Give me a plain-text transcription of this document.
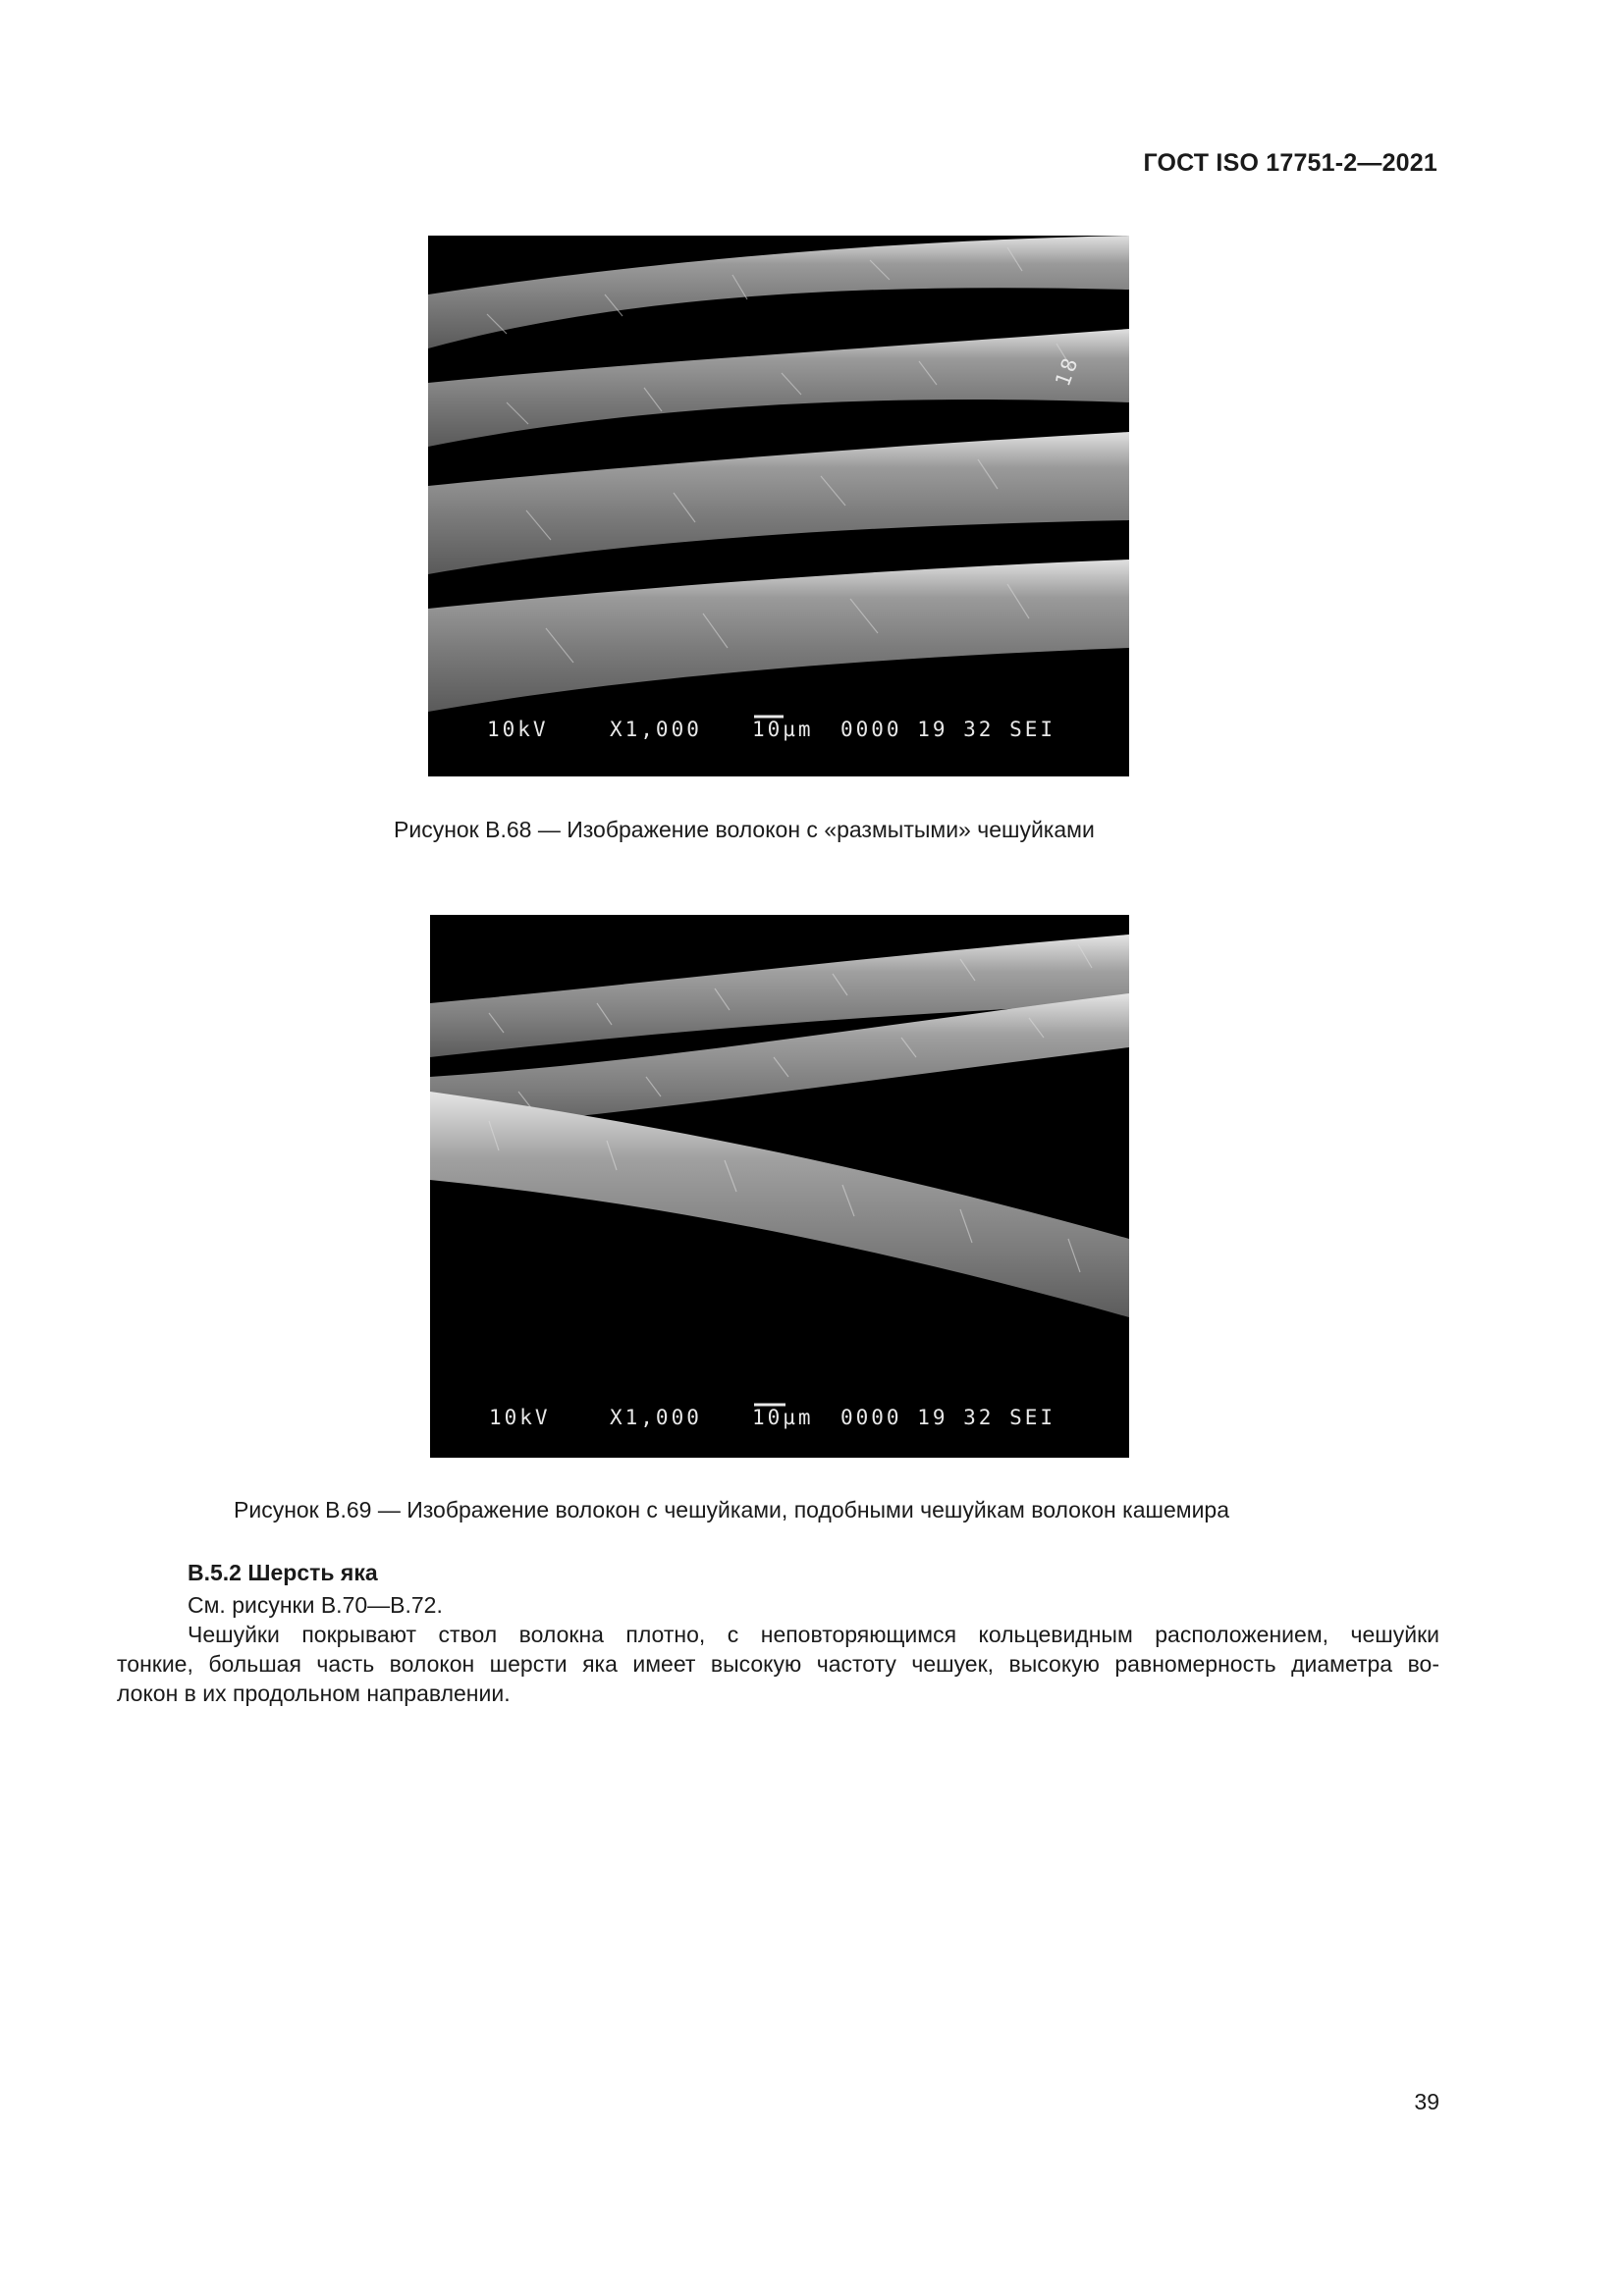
ГОСТ ISO 17751-2—2021
18
10kV	X1,000 10µm 0000 19 32 SEI
Рисунок В.68 — Изображение волокон с «размытыми» чешуйками
10kV	X1,000 10µm 0000 19 32 SEI
Рисунок В.69 — Изображение волокон с чешуйками, подобными чешуйкам волокон кашемира
В.5.2 Шерсть яка
См. рисунки В.70—В.72.
Чешуйки покрывают ствол волокна плотно, с неповторяющимся кольцевидным расположением, чешуйки
тонкие, большая часть волокон шерсти яка имеет высокую частоту чешуек, высокую равномерность диаметра во-
локон в их продольном направлении.
39
